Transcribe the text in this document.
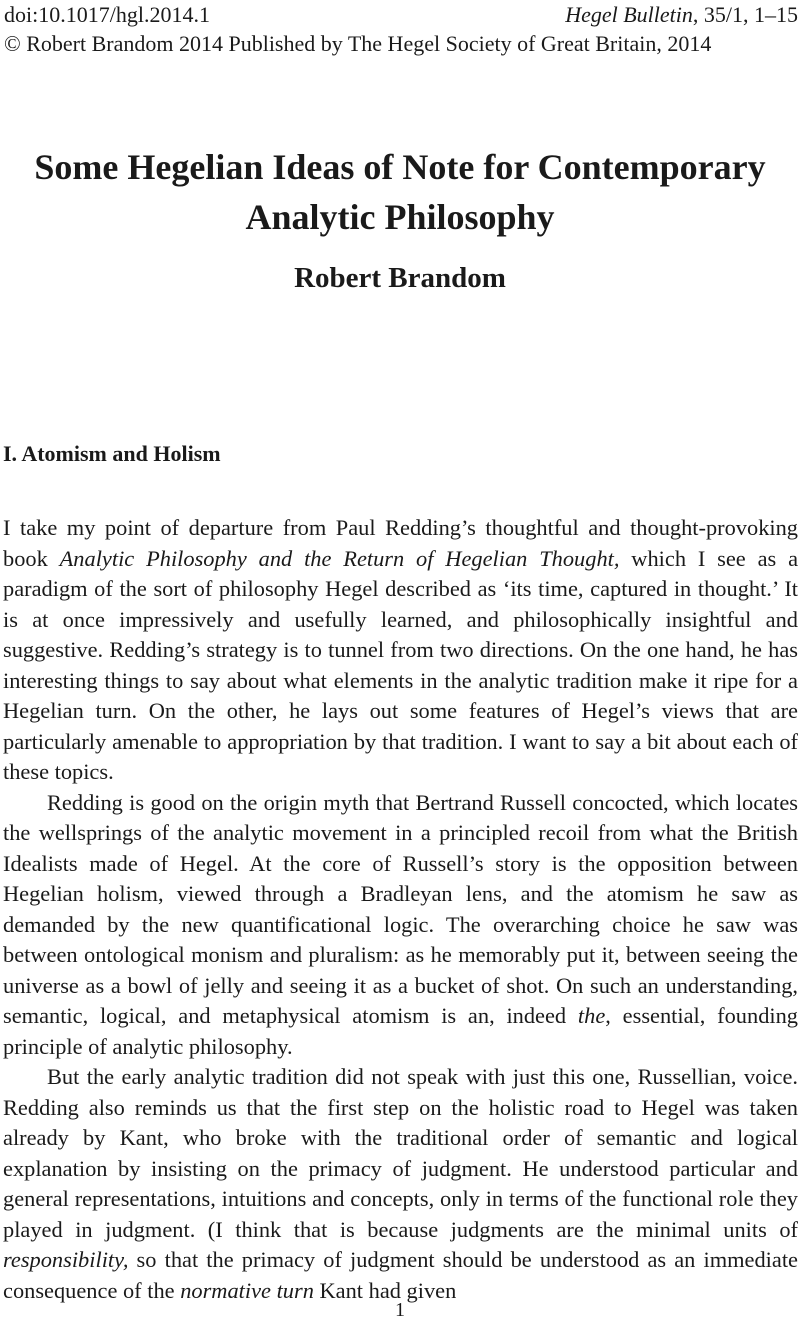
doi:10.1017/hgl.2014.1	Hegel Bulletin, 35/1, 1–15
© Robert Brandom 2014 Published by The Hegel Society of Great Britain, 2014
Some Hegelian Ideas of Note for Contemporary Analytic Philosophy
Robert Brandom
I. Atomism and Holism

I take my point of departure from Paul Redding’s thoughtful and thought-provoking book Analytic Philosophy and the Return of Hegelian Thought, which I see as a paradigm of the sort of philosophy Hegel described as ‘its time, captured in thought.’ It is at once impressively and usefully learned, and philosophically insightful and suggestive. Redding’s strategy is to tunnel from two directions. On the one hand, he has interesting things to say about what elements in the analytic tradition make it ripe for a Hegelian turn. On the other, he lays out some features of Hegel’s views that are particularly amenable to appropriation by that tradition. I want to say a bit about each of these topics.

Redding is good on the origin myth that Bertrand Russell concocted, which locates the wellsprings of the analytic movement in a principled recoil from what the British Idealists made of Hegel. At the core of Russell’s story is the opposition between Hegelian holism, viewed through a Bradleyan lens, and the atomism he saw as demanded by the new quantificational logic. The overarching choice he saw was between ontological monism and pluralism: as he memorably put it, between seeing the universe as a bowl of jelly and seeing it as a bucket of shot. On such an understanding, semantic, logical, and metaphysical atomism is an, indeed the, essential, founding principle of analytic philosophy.

But the early analytic tradition did not speak with just this one, Russellian, voice. Redding also reminds us that the first step on the holistic road to Hegel was taken already by Kant, who broke with the traditional order of semantic and logical explanation by insisting on the primacy of judgment. He understood particular and general representations, intuitions and concepts, only in terms of the functional role they played in judgment. (I think that is because judgments are the minimal units of responsibility, so that the primacy of judgment should be understood as an immediate consequence of the normative turn Kant had given

1
